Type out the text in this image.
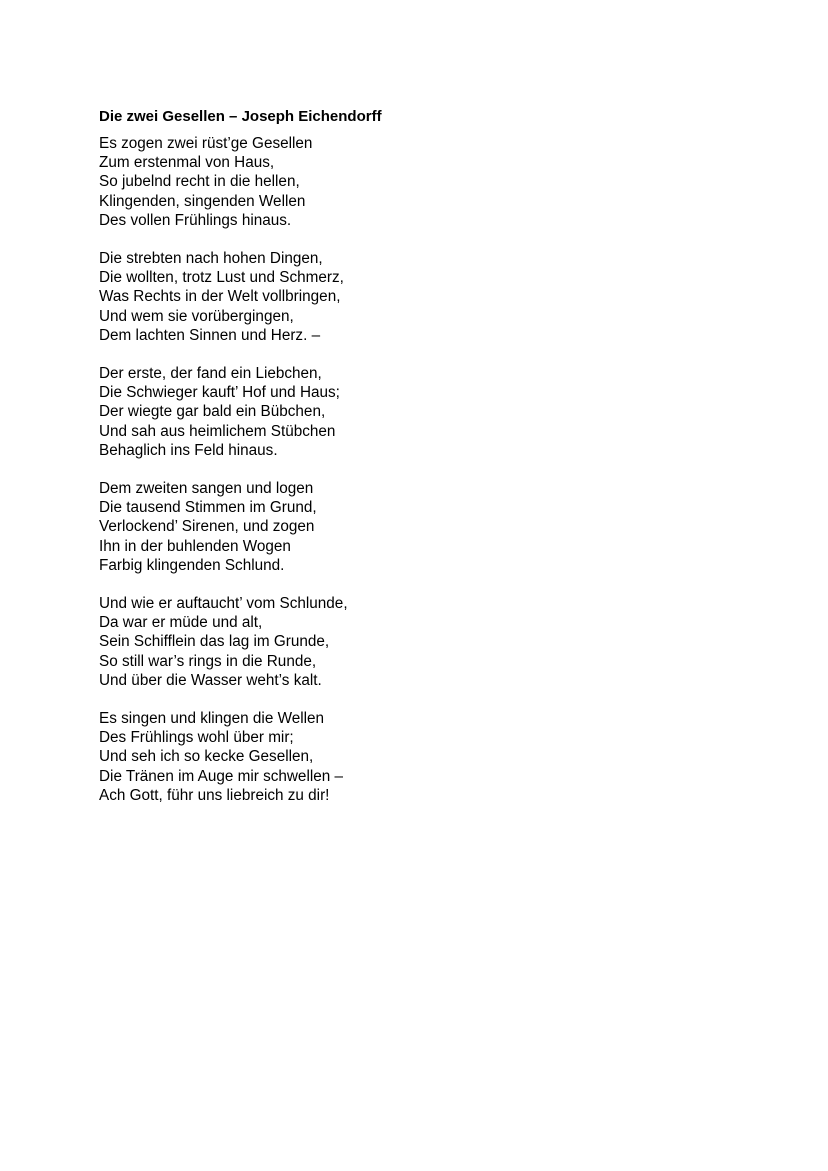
Die zwei Gesellen – Joseph Eichendorff
Es zogen zwei rüst’ge Gesellen
Zum erstenmal von Haus,
So jubelnd recht in die hellen,
Klingenden, singenden Wellen
Des vollen Frühlings hinaus.
Die strebten nach hohen Dingen,
Die wollten, trotz Lust und Schmerz,
Was Rechts in der Welt vollbringen,
Und wem sie vorübergingen,
Dem lachten Sinnen und Herz. –
Der erste, der fand ein Liebchen,
Die Schwieger kauft’ Hof und Haus;
Der wiegte gar bald ein Bübchen,
Und sah aus heimlichem Stübchen
Behaglich ins Feld hinaus.
Dem zweiten sangen und logen
Die tausend Stimmen im Grund,
Verlockend’ Sirenen, und zogen
Ihn in der buhlenden Wogen
Farbig klingenden Schlund.
Und wie er auftaucht’ vom Schlunde,
Da war er müde und alt,
Sein Schifflein das lag im Grunde,
So still war’s rings in die Runde,
Und über die Wasser weht’s kalt.
Es singen und klingen die Wellen
Des Frühlings wohl über mir;
Und seh ich so kecke Gesellen,
Die Tränen im Auge mir schwellen –
Ach Gott, führ uns liebreich zu dir!
